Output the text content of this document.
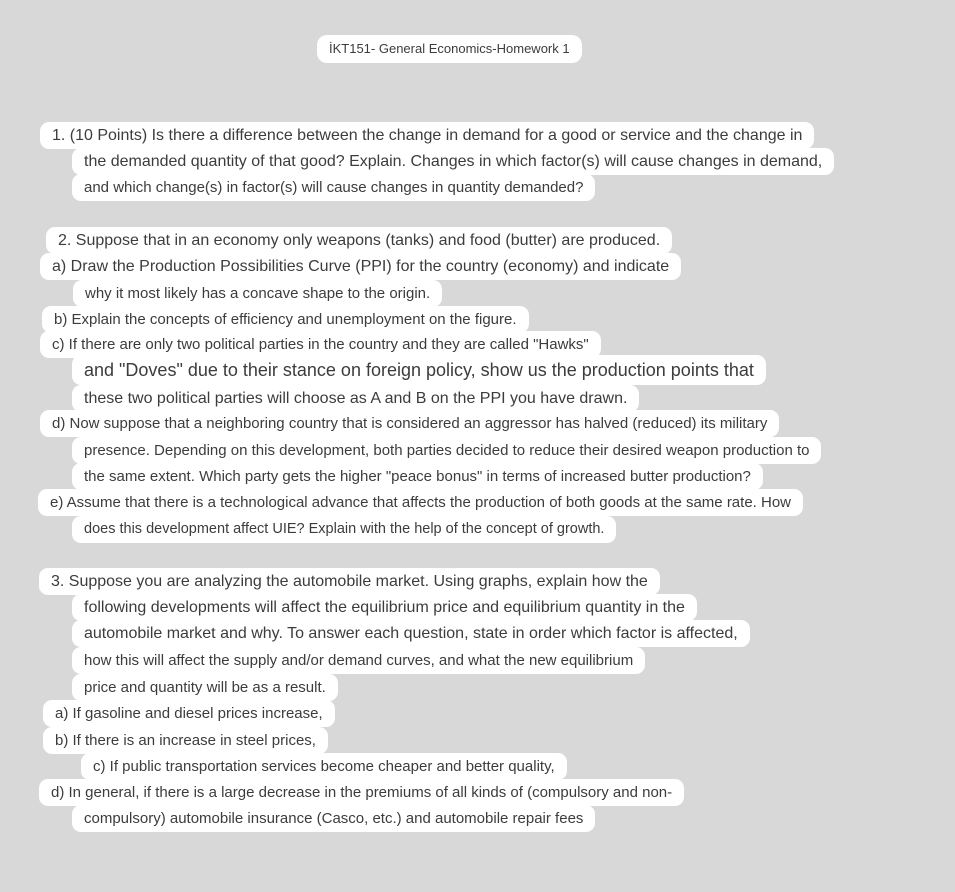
İKT151- General Economics-Homework 1
1. (10 Points) Is there a difference between the change in demand for a good or service and the change in
the demanded quantity of that good? Explain. Changes in which factor(s) will cause changes in demand,
and which change(s) in factor(s) will cause changes in quantity demanded?
2. Suppose that in an economy only weapons (tanks) and food (butter) are produced.
a) Draw the Production Possibilities Curve (PPI) for the country (economy) and indicate
why it most likely has a concave shape to the origin.
b) Explain the concepts of efficiency and unemployment on the figure.
c) If there are only two political parties in the country and they are called "Hawks"
and "Doves" due to their stance on foreign policy, show us the production points that
these two political parties will choose as A and B on the PPI you have drawn.
d) Now suppose that a neighboring country that is considered an aggressor has halved (reduced) its military
presence. Depending on this development, both parties decided to reduce their desired weapon production to
the same extent. Which party gets the higher "peace bonus" in terms of increased butter production?
e) Assume that there is a technological advance that affects the production of both goods at the same rate. How
does this development affect UIE? Explain with the help of the concept of growth.
3. Suppose you are analyzing the automobile market. Using graphs, explain how the
following developments will affect the equilibrium price and equilibrium quantity in the
automobile market and why. To answer each question, state in order which factor is affected,
how this will affect the supply and/or demand curves, and what the new equilibrium
price and quantity will be as a result.
a) If gasoline and diesel prices increase,
b) If there is an increase in steel prices,
c) If public transportation services become cheaper and better quality,
d) In general, if there is a large decrease in the premiums of all kinds of (compulsory and non-
compulsory) automobile insurance (Casco, etc.) and automobile repair fees
